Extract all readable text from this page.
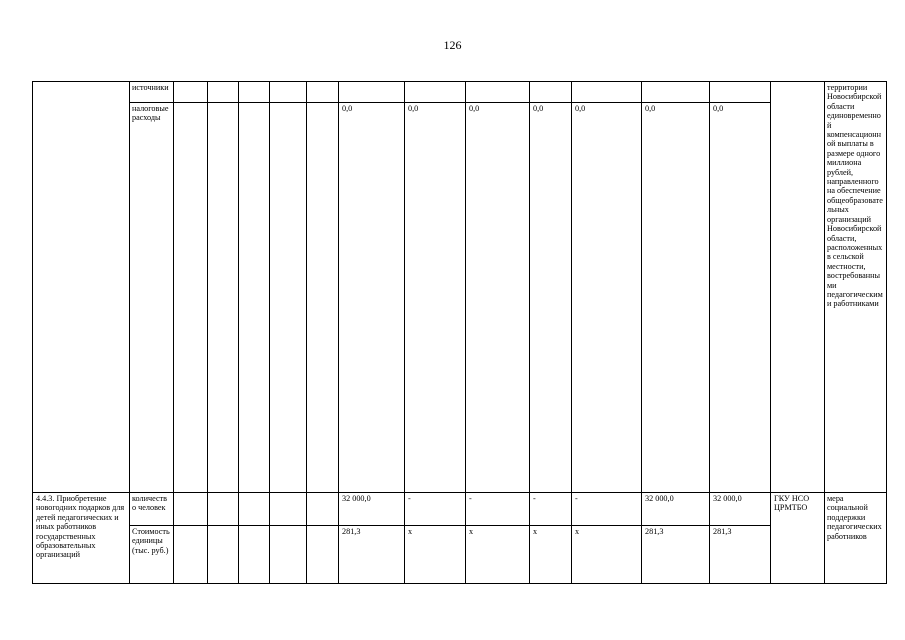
126
	источники														территории Новосибирской области единовременной компенсационной выплаты в размере одного миллиона рублей, направленного на обеспечение общеобразовательных организаций Новосибирской области, расположенных в сельской местности, востребованными педагогическими работниками
	налоговые расходы						0,0	0,0	0,0	0,0	0,0	0,0	0,0		
4.4.3. Приобретение новогодних подарков для детей педагогических и иных работников государственных образовательных организаций	количество человек						32 000,0	-	-	-	-	32 000,0	32 000,0	ГКУ НСО ЦРМТБО	мера социальной поддержки педагогических работников
	Стоимость единицы (тыс. руб.)						281,3	х	х	х	х	281,3	281,3		
